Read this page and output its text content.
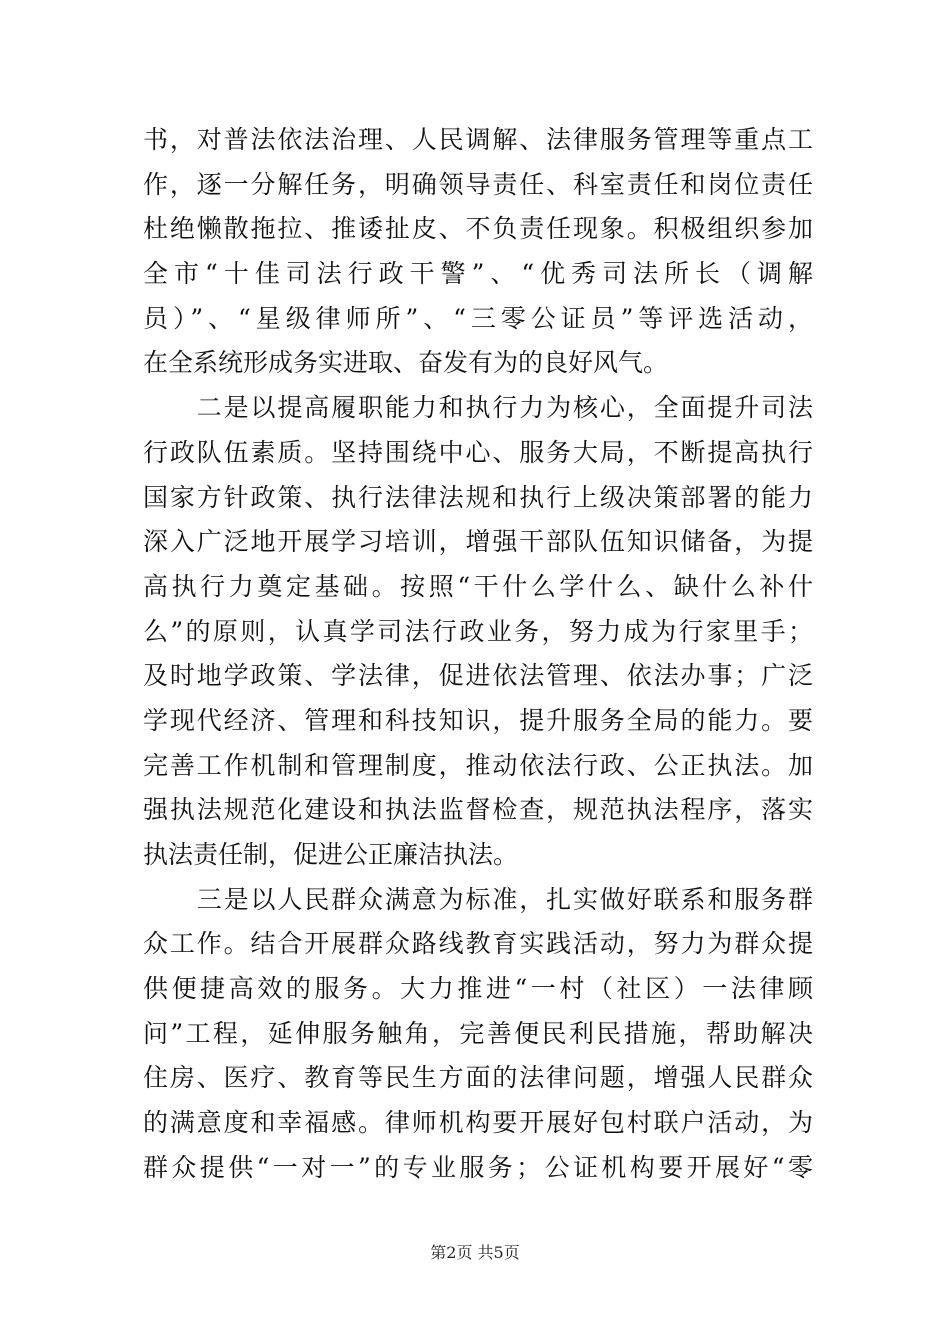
书，对普法依法治理、人民调解、法律服务管理等重点工
作，逐一分解任务，明确领导责任、科室责任和岗位责任
杜绝懒散拖拉、推诿扯皮、不负责任现象。积极组织参加
全市“十佳司法行政干警”、“优秀司法所长（调解
员）”、“星级律师所”、“三零公证员”等评选活动，
在全系统形成务实进取、奋发有为的良好风气。
　　二是以提高履职能力和执行力为核心，全面提升司法
行政队伍素质。坚持围绕中心、服务大局，不断提高执行
国家方针政策、执行法律法规和执行上级决策部署的能力
深入广泛地开展学习培训，增强干部队伍知识储备，为提
高执行力奠定基础。按照“干什么学什么、缺什么补什
么”的原则，认真学司法行政业务，努力成为行家里手；
及时地学政策、学法律，促进依法管理、依法办事；广泛
学现代经济、管理和科技知识，提升服务全局的能力。要
完善工作机制和管理制度，推动依法行政、公正执法。加
强执法规范化建设和执法监督检查，规范执法程序，落实
执法责任制，促进公正廉洁执法。
　　三是以人民群众满意为标准，扎实做好联系和服务群
众工作。结合开展群众路线教育实践活动，努力为群众提
供便捷高效的服务。大力推进“一村（社区）一法律顾
问”工程，延伸服务触角，完善便民利民措施，帮助解决
住房、医疗、教育等民生方面的法律问题，增强人民群众
的满意度和幸福感。律师机构要开展好包村联户活动，为
群众提供“一对一”的专业服务；公证机构要开展好“零
第2页 共5页
